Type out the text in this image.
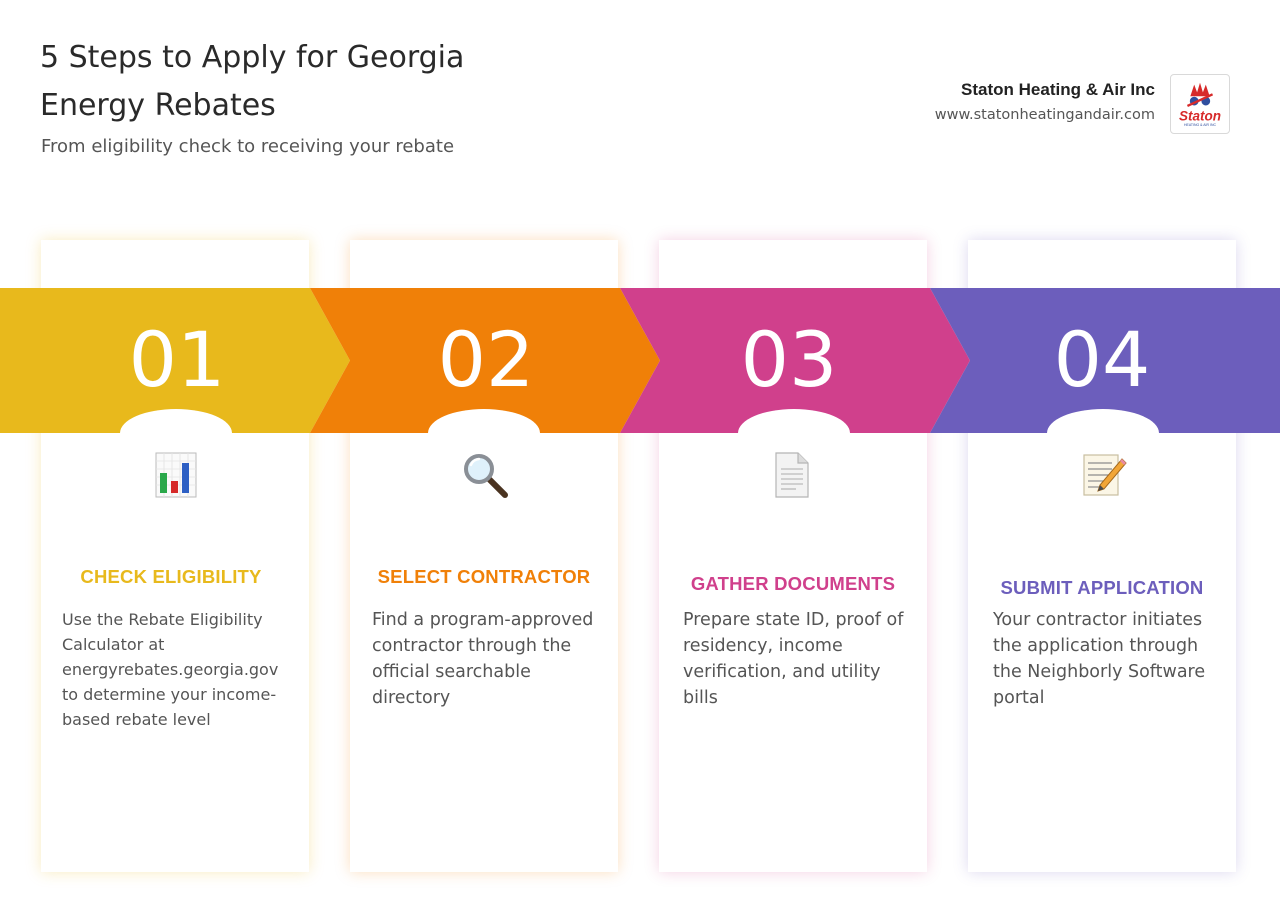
5 Steps to Apply for Georgia Energy Rebates

From eligibility check to receiving your rebate

Staton Heating & Air Inc
www.statonheatingandair.com Staton
HEATING & AIR INC
01	02	03	04
CHECK ELIGIBILITY	SELECT CONTRACTOR	GATHER DOCUMENTS	SUBMIT APPLICATION

Use the Rebate Eligibility Calculator at energyrebates.georgia.gov to determine your income-based rebate level

Find a program-approved contractor through the official searchable directory

Prepare state ID, proof of residency, income verification, and utility bills

Your contractor initiates the application through the Neighborly Software portal
